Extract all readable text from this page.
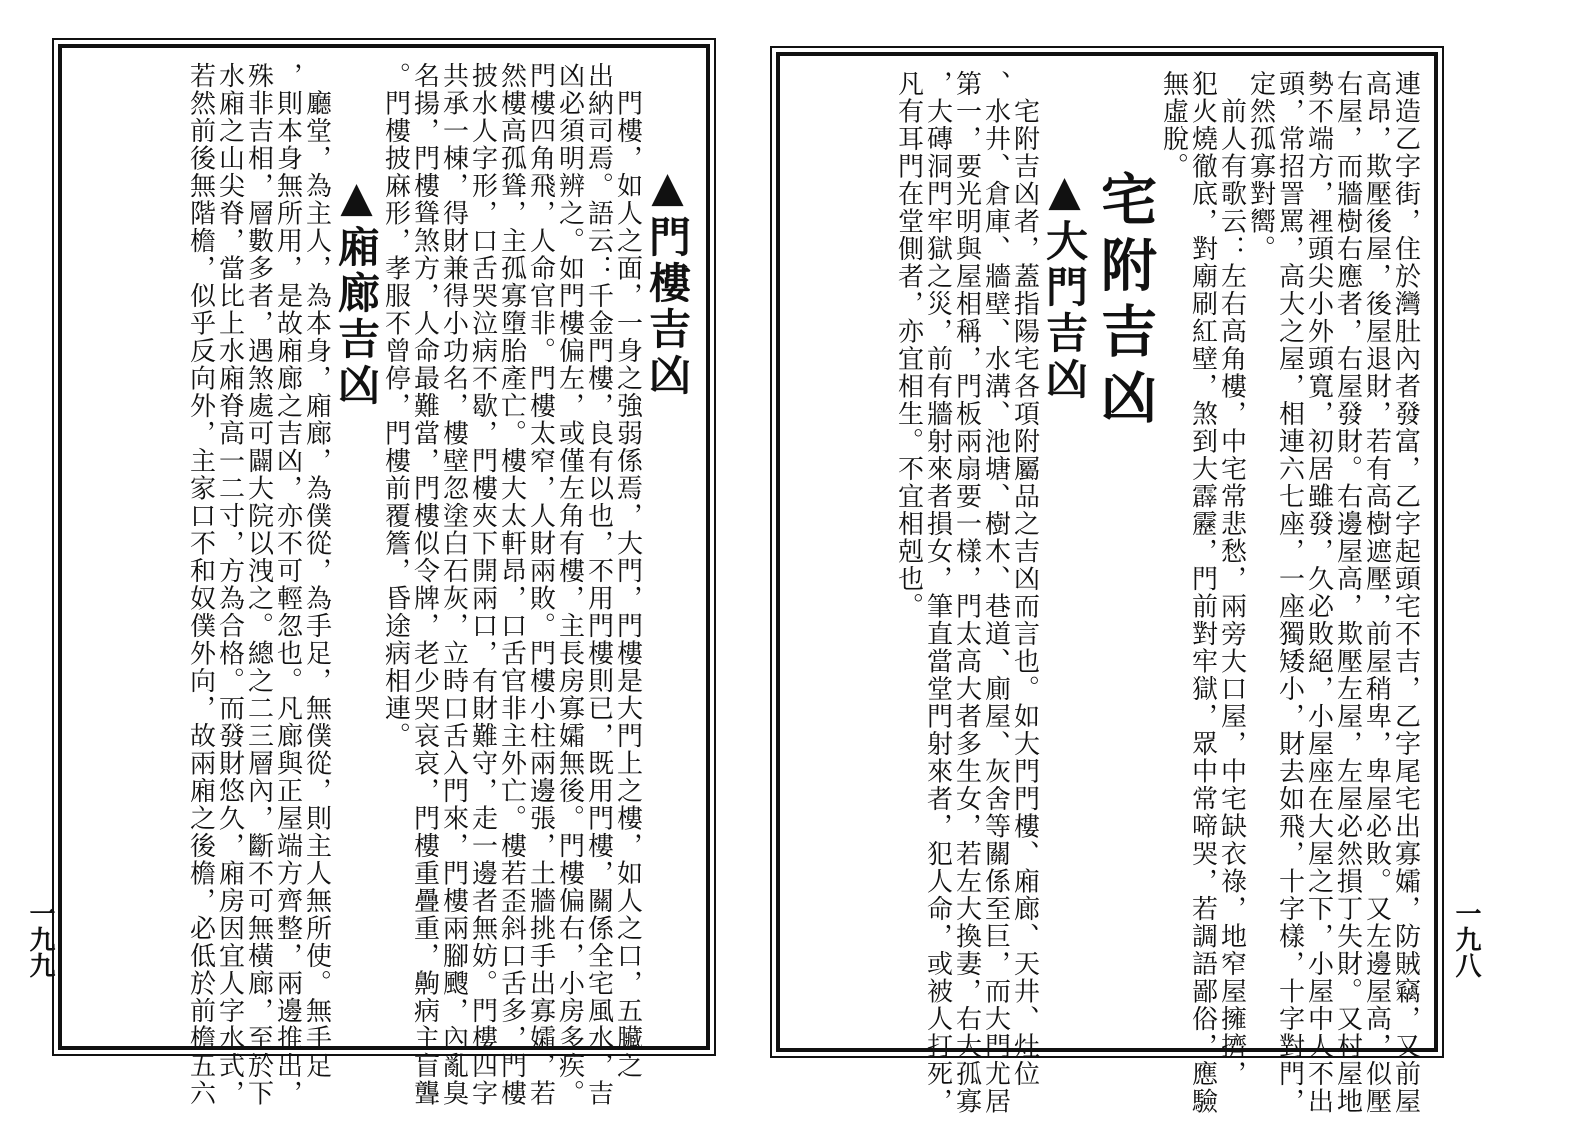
連造乙字街，住於灣肚內者發富，乙字起頭宅不吉，乙字尾宅出寡孀，防賊竊，又前屋
高昂，欺壓後屋，後屋退財，若有高樹遮壓，前屋稍卑，卑屋必敗。又左邊屋高，似壓
右屋，而牆樹右應者，右屋發財。右邊屋高，欺壓左屋，左屋必然損丁失財。又村屋地
勢不端方，裡頭尖小外頭寬，初居雖發，久必敗絕，小屋座在大屋之下，小屋中人不出
頭，常招詈罵，高大之屋，相連六七座，一座獨矮小，財去如飛，十字樣，十字對門，
定然孤寡對嚮。
　前人有歌云：左右高角樓，中宅常悲愁，兩旁大口屋，中宅缺衣祿，地窄屋擁擠，
犯火燒徹底，對廟刷紅壁，煞到大霹靂，門前對牢獄，眾中常啼哭，若調語鄙俗，應驗
無虛脫。
宅附吉凶
▲大門吉凶
　宅附吉凶者，蓋指陽宅各項附屬品之吉凶而言也。如大門門樓、廂廊、天井、灶位
、水井、倉庫、牆壁、水溝、池塘、樹木、巷道、廁屋、灰舍等關係至巨，而大門尤居
第一，要光明與屋相稱，門板兩扇要一樣，門太高大者多生女，若左大換妻，右大孤寡
，大磚洞門牢獄之災，前有牆射來者損女，筆直當堂門射來者，犯人命，或被人打死，
凡有耳門在堂側者，亦宜相生。不宜相剋也。
一九八
▲門樓吉凶
　門樓，如人之面，一身之強弱係焉，大門，門樓是大門上之樓，如人之口，五臟之
出納司焉。語云：千金門樓，良有以也，不用門樓則已，既用門樓，關係全宅風水，吉
凶必須明辨之。如門樓偏左，或僅左角有樓，主長房寡孀無後。門樓偏右，小房多疾。
門樓四角飛，人命官非。門樓太窄，人財兩敗。門樓小柱兩邊張，土牆挑手出寡孀，若
然樓高孤聳，主孤寡墮胎產亡。樓大太軒昂，口舌官非主外亡。樓若歪斜口舌多，門樓
披水人字形，口舌哭泣病不歇，門樓夾下開兩口，有財難守，走一邊者無妨。門樓四字
共承一棟，得財兼得小功名，樓壁忽塗白石灰，立時口舌入門來，門樓兩腳颼，內亂臭
名揚，門樓聳煞方，人命最難當，門樓似令牌，老少哭哀哀，門樓重疊重，齁病主盲聾
。門樓披麻形，孝服不曾停，門樓前覆簷，昏途病相連。
▲廂廊吉凶
　廳堂，為主人，為本身，廂廊，為僕從，為手足，無僕從，則主人無所使。無手足
，則本身無所用，是故廂廊之吉凶，亦不可輕忽也。凡廊與正屋端方齊整，兩邊推出，
殊非吉相，層數多者，遇煞處可闢大院以洩之。總之二三層內，斷不可無橫廊，至於下
水廂之山尖脊，當比上水廂脊高一二寸，方為合格。而發財悠久，廂房因宜人字水式，
若然前後無階檐，似乎反向外，主家口不和奴僕外向，故兩廂之後檐，必低於前檐五六
一九九
